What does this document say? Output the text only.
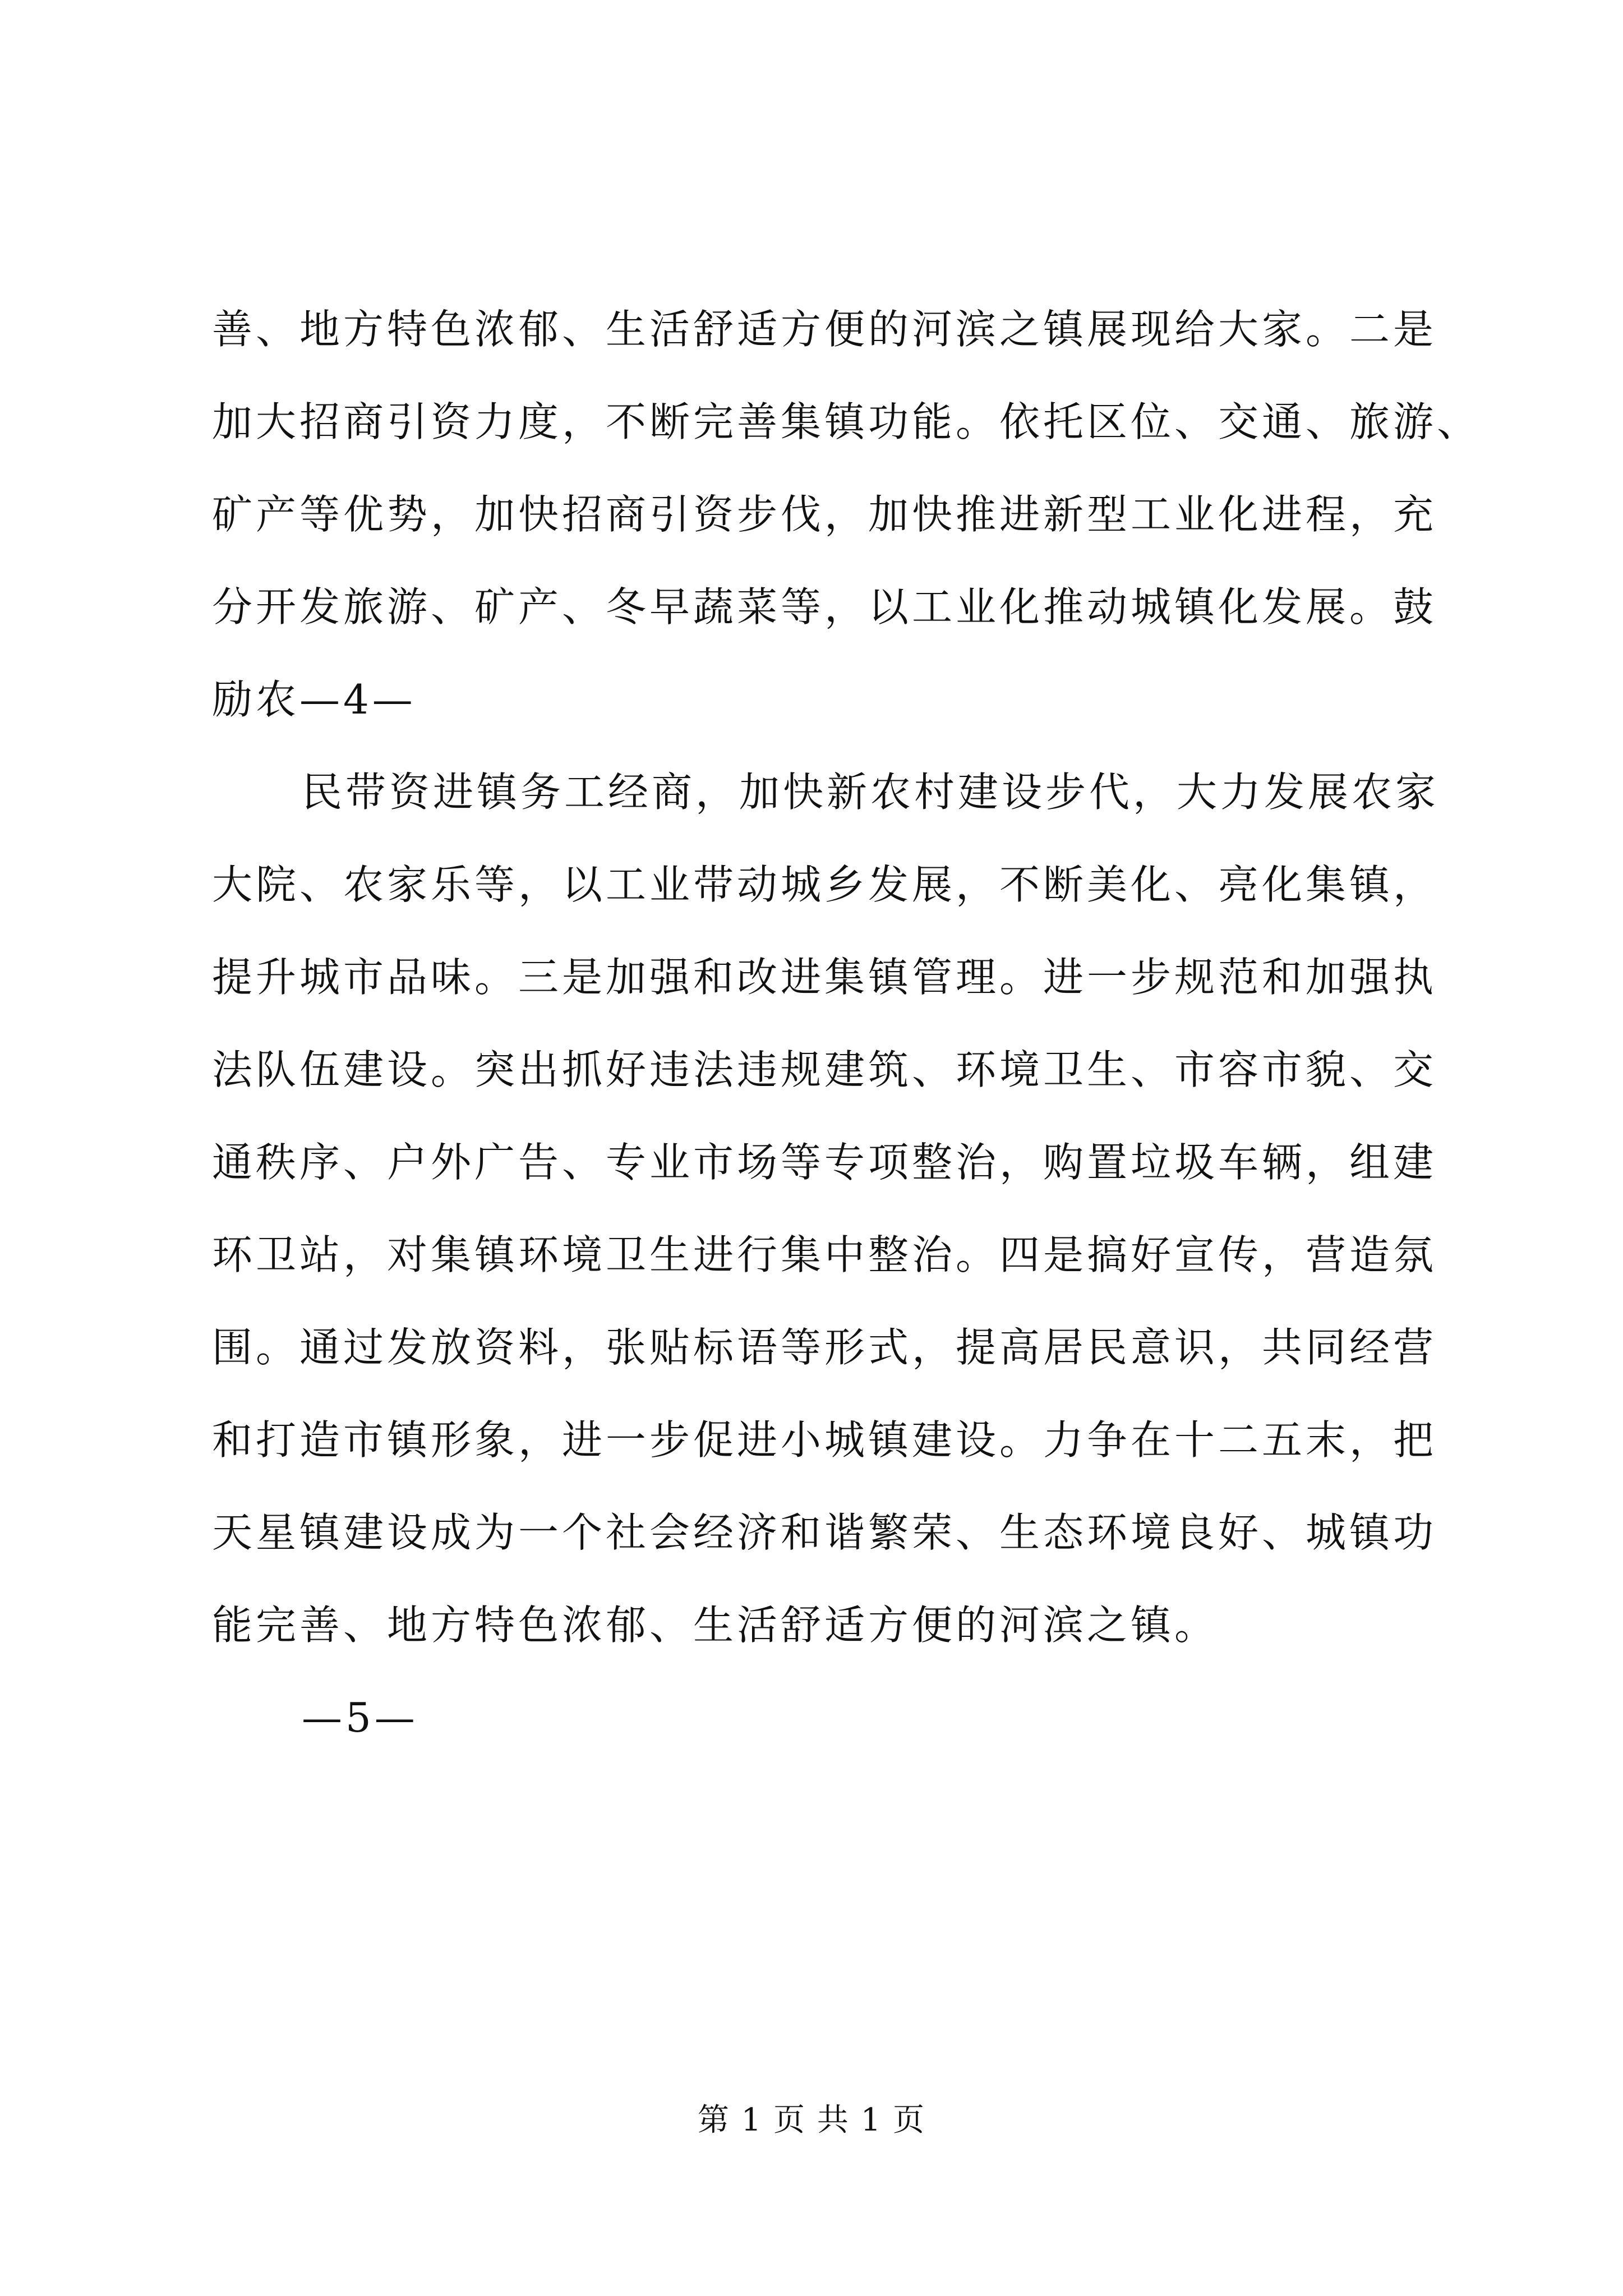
善、地方特色浓郁、生活舒适方便的河滨之镇展现给大家。二是
加大招商引资力度，不断完善集镇功能。依托区位、交通、旅游、
矿产等优势，加快招商引资步伐，加快推进新型工业化进程，充
分开发旅游、矿产、冬早蔬菜等，以工业化推动城镇化发展。鼓
励农—4—
民带资进镇务工经商，加快新农村建设步代，大力发展农家
大院、农家乐等，以工业带动城乡发展，不断美化、亮化集镇，
提升城市品味。三是加强和改进集镇管理。进一步规范和加强执
法队伍建设。突出抓好违法违规建筑、环境卫生、市容市貌、交
通秩序、户外广告、专业市场等专项整治，购置垃圾车辆，组建
环卫站，对集镇环境卫生进行集中整治。四是搞好宣传，营造氛
围。通过发放资料，张贴标语等形式，提高居民意识，共同经营
和打造市镇形象，进一步促进小城镇建设。力争在十二五末，把
天星镇建设成为一个社会经济和谐繁荣、生态环境良好、城镇功
能完善、地方特色浓郁、生活舒适方便的河滨之镇。
—5—
第 1 页 共 1 页
